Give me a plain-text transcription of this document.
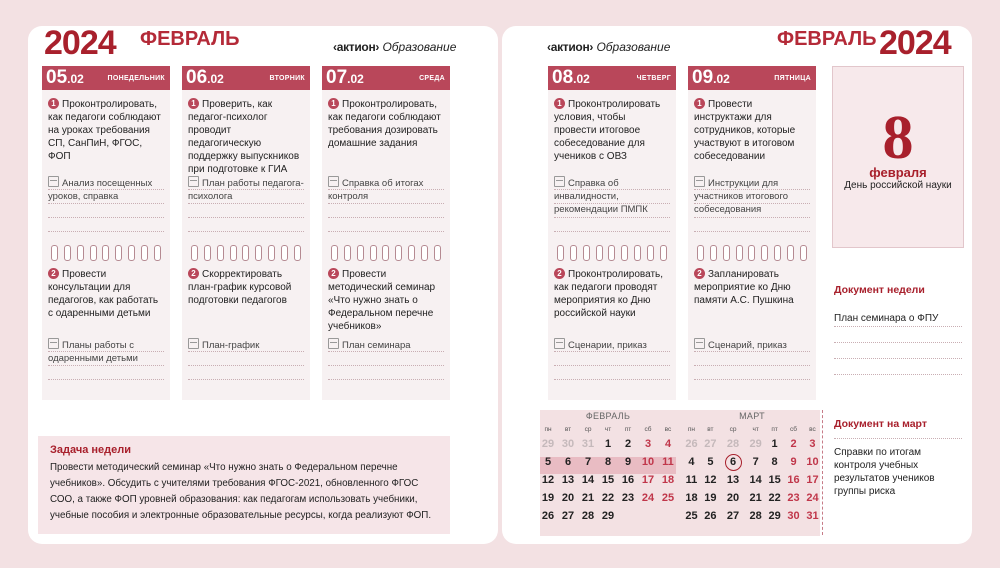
2024 ФЕВРАЛЬ	‹актион› Образование
05.02	ПОНЕДЕЛЬНИК
1 Проконтролировать, как педагоги соблюдают на уроках требования СП, СанПиН, ФГОС, ФОП
Анализ посещенных уроков, справка
2 Провести консультации для педагогов, как работать с одаренными детьми
Планы работы с одаренными детьми
06.02	ВТОРНИК
1 Проверить, как педагог-психолог проводит педагогическую поддержку выпускников при подготовке к ГИА
План работы педагога-психолога
2 Скорректировать план-график курсовой подготовки педагогов
План-график
07.02	СРЕДА
1 Проконтролировать, как педагоги соблюдают требования дозировать домашние задания
Справка об итогах контроля
2 Провести методический семинар «Что нужно знать о Федеральном перечне учебников»
План семинара
Задача недели
Провести методический семинар «Что нужно знать о Федеральном перечне учебников». Обсудить с учителями требования ФГОС-2021, обновленного ФГОС СОО, а также ФОП уровней образования: как педагогам использовать учебники, учебные пособия и электронные образовательные ресурсы, когда реализуют ФОП.
‹актион› Образование	ФЕВРАЛЬ 2024
08.02	ЧЕТВЕРГ
1 Проконтролировать условия, чтобы провести итоговое собеседование для учеников с ОВЗ
Справка об инвалидности, рекомендации ПМПК
2 Проконтролировать, как педагоги проводят мероприятия ко Дню российской науки
Сценарии, приказ
09.02	ПЯТНИЦА
1 Провести инструктажи для сотрудников, которые участвуют в итоговом собеседовании
Инструкции для участников итогового собеседования
2 Запланировать мероприятие ко Дню памяти А.С. Пушкина
Сценарий, приказ
8
февраля
День российской науки
Документ недели
План семинара о ФПУ
Документ на март
Справки по итогам контроля учебных результатов учеников группы риска
ФЕВРАЛЬ
пн	вт	ср	чт	пт	сб	вс
29	30	31	1	2	3	4
5	6	7	8	9	10	11
12	13	14	15	16	17	18
19	20	21	22	23	24	25
26	27	28	29			
МАРТ
пн	вт	ср	чт	пт	сб	вс
26	27	28	29	1	2	3
4	5	6	7	8	9	10
11	12	13	14	15	16	17
18	19	20	21	22	23	24
25	26	27	28	29	30	31
